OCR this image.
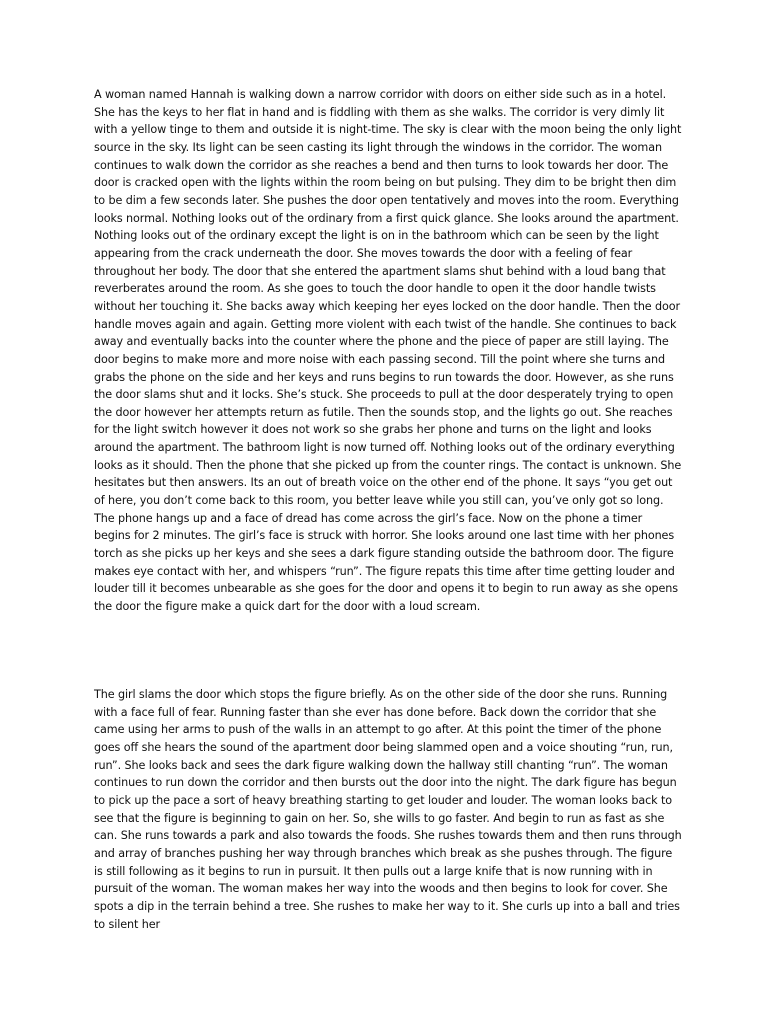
A woman named Hannah is walking down a narrow corridor with doors on either side such as in a hotel. She has the keys to her flat in hand and is fiddling with them as she walks. The corridor is very dimly lit with a yellow tinge to them and outside it is night-time. The sky is clear with the moon being the only light source in the sky. Its light can be seen casting its light through the windows in the corridor. The woman continues to walk down the corridor as she reaches a bend and then turns to look towards her door. The door is cracked open with the lights within the room being on but pulsing. They dim to be bright then dim to be dim a few seconds later. She pushes the door open tentatively and moves into the room. Everything looks normal. Nothing looks out of the ordinary from a first quick glance. She looks around the apartment. Nothing looks out of the ordinary except the light is on in the bathroom which can be seen by the light appearing from the crack underneath the door. She moves towards the door with a feeling of fear throughout her body. The door that she entered the apartment slams shut behind with a loud bang that reverberates around the room. As she goes to touch the door handle to open it the door handle twists without her touching it. She backs away which keeping her eyes locked on the door handle. Then the door handle moves again and again. Getting more violent with each twist of the handle. She continues to back away and eventually backs into the counter where the phone and the piece of paper are still laying. The door begins to make more and more noise with each passing second. Till the point where she turns and grabs the phone on the side and her keys and runs begins to run towards the door. However, as she runs the door slams shut and it locks. She’s stuck. She proceeds to pull at the door desperately trying to open the door however her attempts return as futile. Then the sounds stop, and the lights go out. She reaches for the light switch however it does not work so she grabs her phone and turns on the light and looks around the apartment. The bathroom light is now turned off. Nothing looks out of the ordinary everything looks as it should. Then the phone that she picked up from the counter rings. The contact is unknown. She hesitates but then answers. Its an out of breath voice on the other end of the phone. It says “you get out of here, you don’t come back to this room, you better leave while you still can, you’ve only got so long. The phone hangs up and a face of dread has come across the girl’s face. Now on the phone a timer begins for 2 minutes. The girl’s face is struck with horror. She looks around one last time with her phones torch as she picks up her keys and she sees a dark figure standing outside the bathroom door. The figure makes eye contact with her, and whispers “run”. The figure repats this time after time getting louder and louder till it becomes unbearable as she goes for the door and opens it to begin to run away as she opens the door the figure make a quick dart for the door with a loud scream.

The girl slams the door which stops the figure briefly. As on the other side of the door she runs. Running with a face full of fear. Running faster than she ever has done before. Back down the corridor that she came using her arms to push of the walls in an attempt to go after. At this point the timer of the phone goes off she hears the sound of the apartment door being slammed open and a voice shouting “run, run, run”. She looks back and sees the dark figure walking down the hallway still chanting “run”. The woman continues to run down the corridor and then bursts out the door into the night. The dark figure has begun to pick up the pace a sort of heavy breathing starting to get louder and louder. The woman looks back to see that the figure is beginning to gain on her. So, she wills to go faster. And begin to run as fast as she can. She runs towards a park and also towards the foods. She rushes towards them and then runs through and array of branches pushing her way through branches which break as she pushes through. The figure is still following as it begins to run in pursuit. It then pulls out a large knife that is now running with in pursuit of the woman. The woman makes her way into the woods and then begins to look for cover. She spots a dip in the terrain behind a tree. She rushes to make her way to it. She curls up into a ball and tries to silent her
